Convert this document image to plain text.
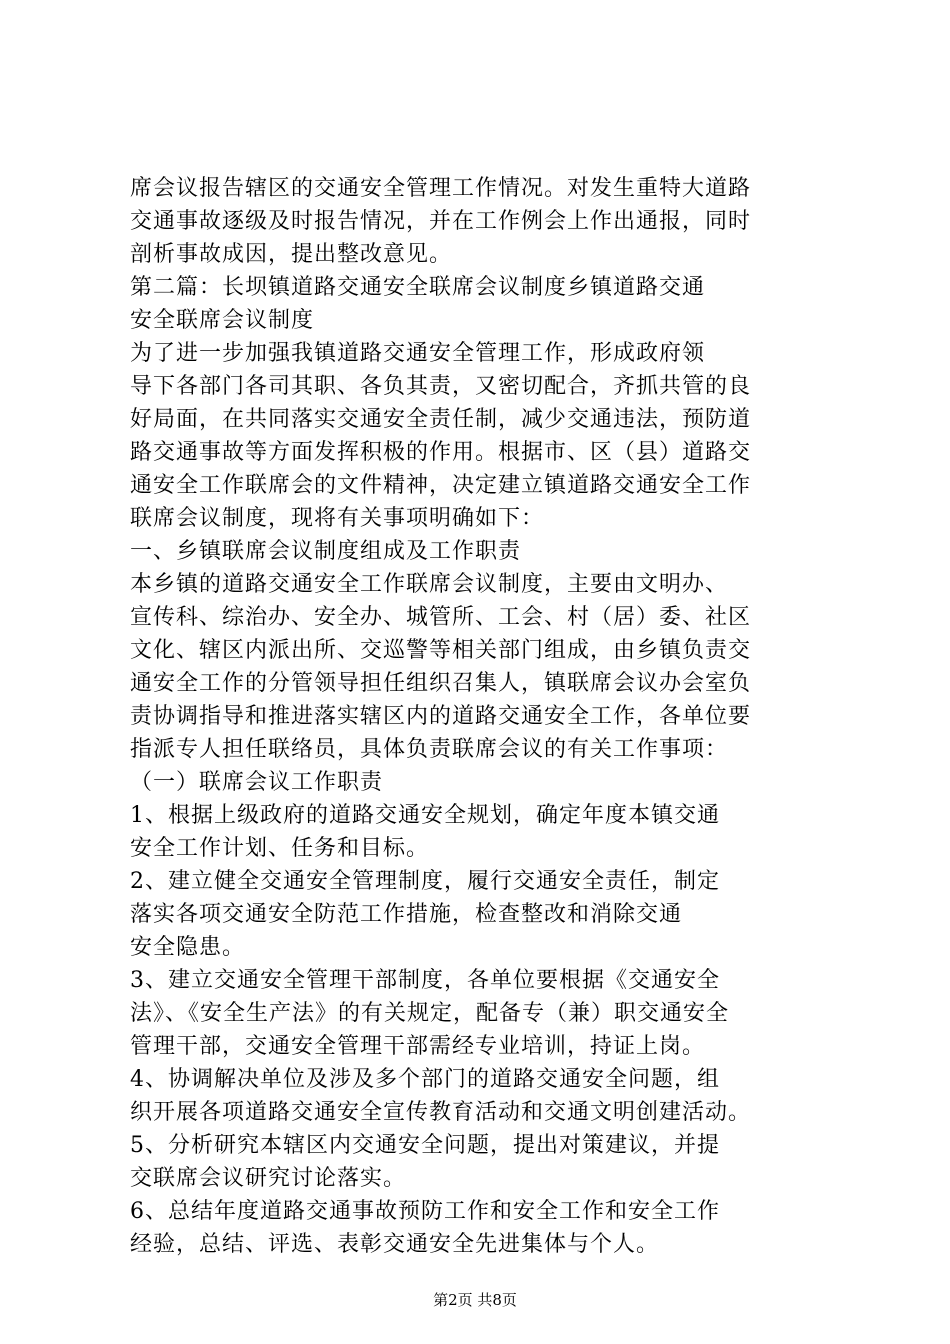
席会议报告辖区的交通安全管理工作情况。对发生重特大道路
交通事故逐级及时报告情况，并在工作例会上作出通报，同时
剖析事故成因，提出整改意见。
第二篇：长坝镇道路交通安全联席会议制度乡镇道路交通
安全联席会议制度
为了进一步加强我镇道路交通安全管理工作，形成政府领
导下各部门各司其职、各负其责，又密切配合，齐抓共管的良
好局面，在共同落实交通安全责任制，减少交通违法，预防道
路交通事故等方面发挥积极的作用。根据市、区（县）道路交
通安全工作联席会的文件精神，决定建立镇道路交通安全工作
联席会议制度，现将有关事项明确如下：
一、乡镇联席会议制度组成及工作职责
本乡镇的道路交通安全工作联席会议制度，主要由文明办、
宣传科、综治办、安全办、城管所、工会、村（居）委、社区
文化、辖区内派出所、交巡警等相关部门组成，由乡镇负责交
通安全工作的分管领导担任组织召集人，镇联席会议办会室负
责协调指导和推进落实辖区内的道路交通安全工作，各单位要
指派专人担任联络员，具体负责联席会议的有关工作事项：
（一）联席会议工作职责
1、根据上级政府的道路交通安全规划，确定年度本镇交通
安全工作计划、任务和目标。
2、建立健全交通安全管理制度，履行交通安全责任，制定
落实各项交通安全防范工作措施，检查整改和消除交通
安全隐患。
3、建立交通安全管理干部制度，各单位要根据《交通安全
法》、《安全生产法》的有关规定，配备专（兼）职交通安全
管理干部，交通安全管理干部需经专业培训，持证上岗。
4、协调解决单位及涉及多个部门的道路交通安全问题，组
织开展各项道路交通安全宣传教育活动和交通文明创建活动。
5、分析研究本辖区内交通安全问题，提出对策建议，并提
交联席会议研究讨论落实。
6、总结年度道路交通事故预防工作和安全工作和安全工作
经验，总结、评选、表彰交通安全先进集体与个人。
第2页 共8页
